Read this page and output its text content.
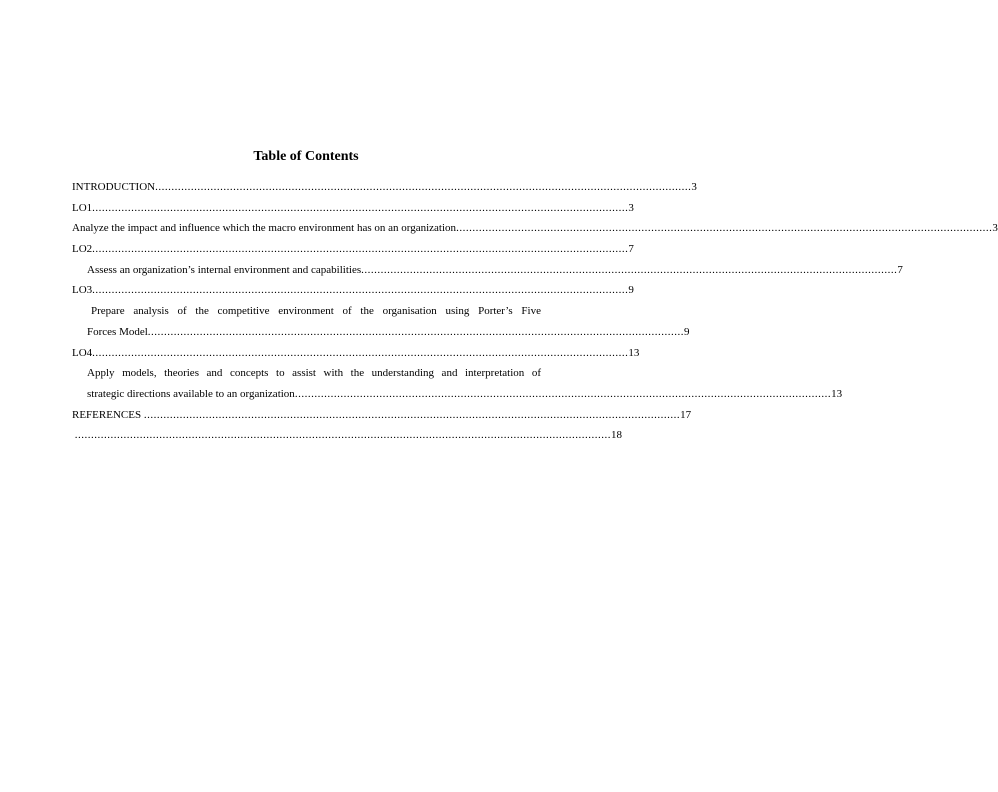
Table of Contents
INTRODUCTION ..................................................................................................................................................................... 3
LO1 ..................................................................................................................................................................... 3
Analyze the impact and influence which the macro environment has on an organization ..................................................................................................................................................................... 3
LO2 ..................................................................................................................................................................... 7
Assess an organization’s internal environment and capabilities ..................................................................................................................................................................... 7
LO3 ..................................................................................................................................................................... 9
Prepare analysis of the competitive environment of the organisation using Porter’s Five
Forces Model ..................................................................................................................................................................... 9
LO4 ..................................................................................................................................................................... 13
Apply models, theories and concepts to assist with the understanding and interpretation of
strategic directions available to an organization ..................................................................................................................................................................... 13
REFERENCES ..................................................................................................................................................................... 17

..................................................................................................................................................................... 18
